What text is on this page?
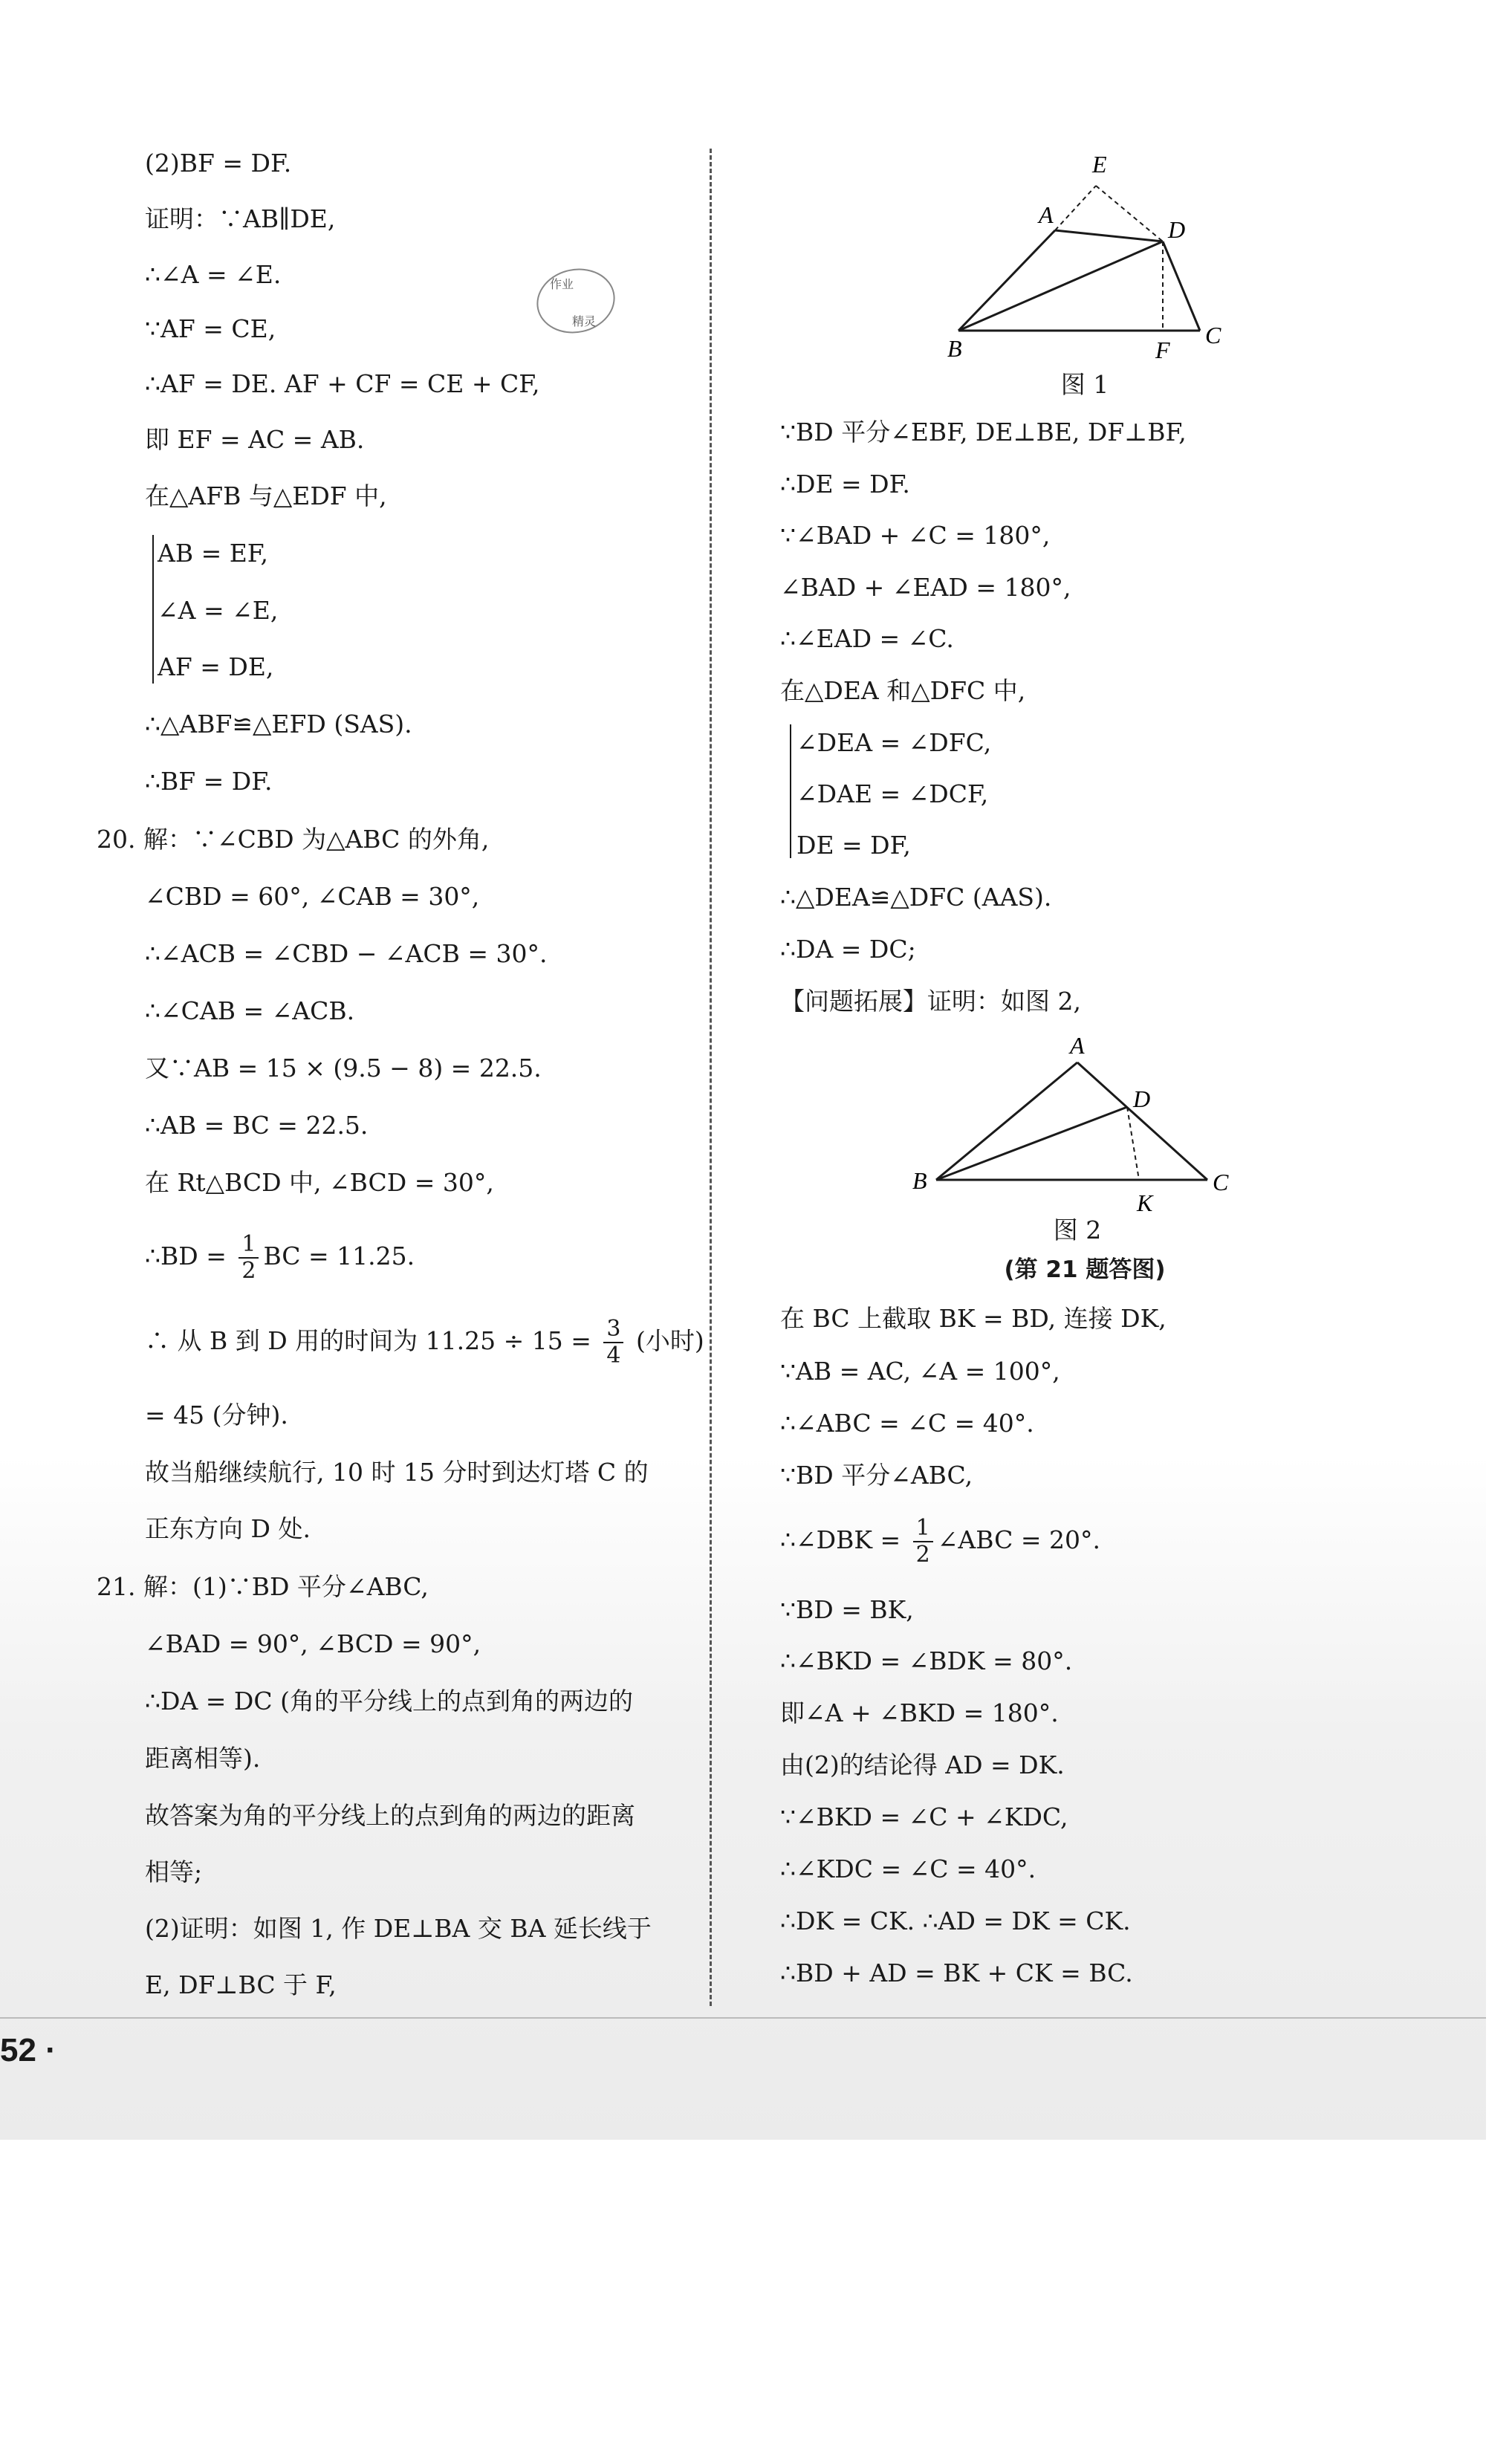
作业
精灵
(2)BF = DF.
证明：∵AB∥DE,
∴∠A = ∠E.
∵AF = CE,
∴AF = DE. AF + CF = CE + CF,
即 EF = AC = AB.
在△AFB 与△EDF 中,
AB = EF,
∠A = ∠E,
AF = DE,
∴△ABF≌△EFD (SAS).
∴BF = DF.
20. 解：∵∠CBD 为△ABC 的外角,
∠CBD = 60°, ∠CAB = 30°,
∴∠ACB = ∠CBD − ∠ACB = 30°.
∴∠CAB = ∠ACB.
又∵AB = 15 × (9.5 − 8) = 22.5.
∴AB = BC = 22.5.
在 Rt△BCD 中, ∠BCD = 30°,
∴BD = $\frac{1}{2}$ BC = 11.25.
∴ 从 B 到 D 用的时间为 $11.25 \div 15 = \frac{3}{4}$ (小时)
= 45 (分钟).
故当船继续航行, 10 时 15 分时到达灯塔 C 的
正东方向 D 处.
21. 解：(1)∵BD 平分∠ABC,
∠BAD = 90°, ∠BCD = 90°,
∴DA = DC (角的平分线上的点到角的两边的
距离相等).
故答案为角的平分线上的点到角的两边的距离
相等;
(2)证明：如图 1, 作 DE⊥BA 交 BA 延长线于
E, DF⊥BC 于 F,
E
A
D
B	F
C
图 1
∵BD 平分∠EBF, DE⊥BE, DF⊥BF,
∴DE = DF.
∵∠BAD + ∠C = 180°,
∠BAD + ∠EAD = 180°,
∴∠EAD = ∠C.
在△DEA 和△DFC 中,
∠DEA = ∠DFC,
∠DAE = ∠DCF,
DE = DF,
∴△DEA≌△DFC (AAS).
∴DA = DC;
【问题拓展】证明：如图 2,
A
D
B
K
C
图 2
(第 21 题答图)
在 BC 上截取 BK = BD, 连接 DK,
∵AB = AC, ∠A = 100°,
∴∠ABC = ∠C = 40°.
∵BD 平分∠ABC,
∴∠DBK = $\frac{1}{2}$ ∠ABC = 20°.
∵BD = BK,
∴∠BKD = ∠BDK = 80°.
即∠A + ∠BKD = 180°.
由(2)的结论得 AD = DK.
∵∠BKD = ∠C + ∠KDC,
∴∠KDC = ∠C = 40°.
∴DK = CK. ∴AD = DK = CK.
∴BD + AD = BK + CK = BC.
52 ·
